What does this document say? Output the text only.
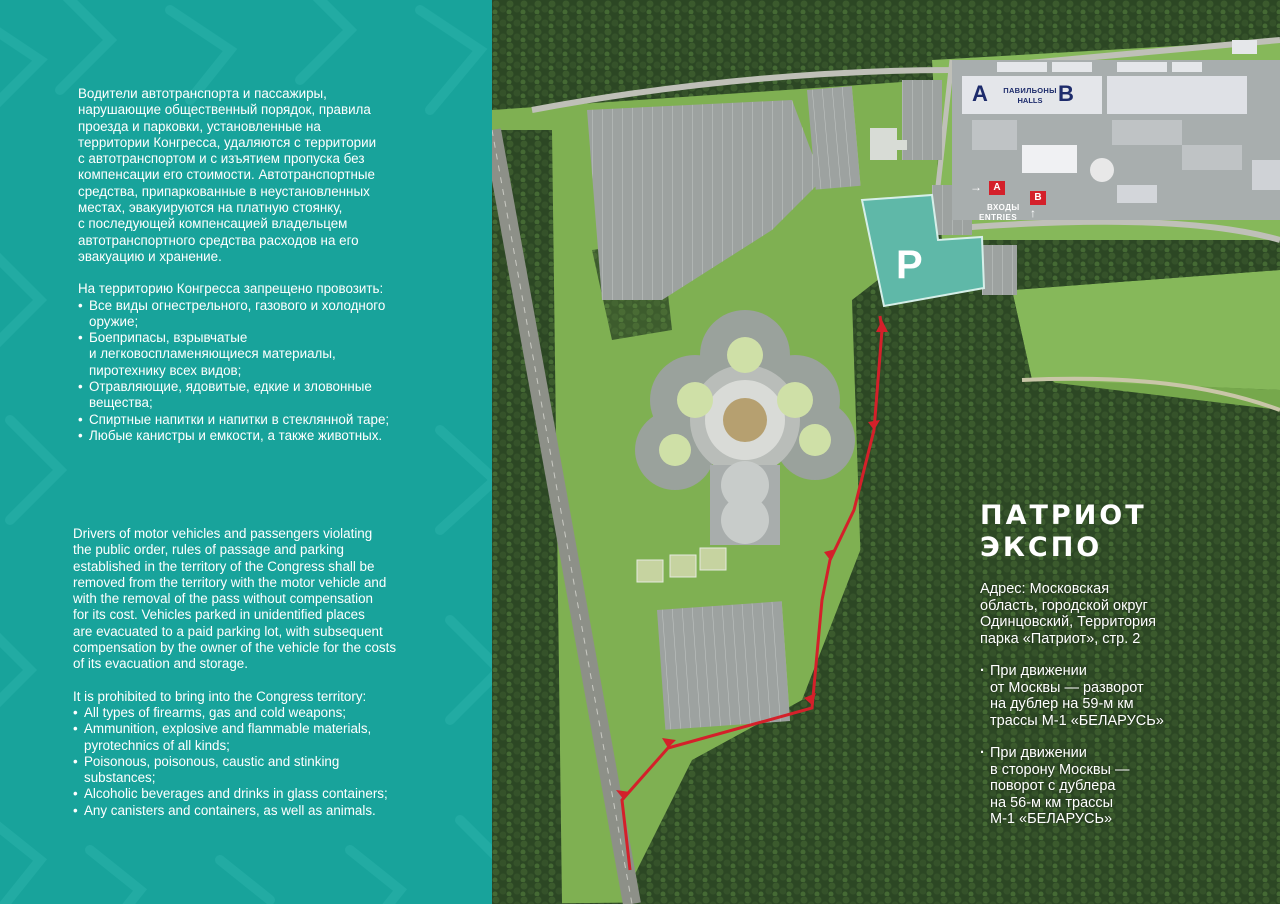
Водители автотранспорта и пассажиры,

нарушающие общественный порядок, правила

проезда и парковки, установленные на

территории Конгресса, удаляются с территории

с автотранспортом и с изъятием пропуска без

компенсации его стоимости. Автотранспортные

средства, припаркованные в неустановленных

местах, эвакуируются на платную стоянку,

с последующей компенсацией владельцем

автотранспортного средства расходов на его

эвакуацию и хранение.

На территорию Конгресса запрещено провозить:

• Все виды огнестрельного, газового и холодного
оружие;
• Боеприпасы, взрывчатые
и легковоспламеняющиеся материалы,
пиротехнику всех видов;
• Отравляющие, ядовитые, едкие и зловонные
вещества;
• Спиртные напитки и напитки в стеклянной таре;
• Любые канистры и емкости, а также животных.

Drivers of motor vehicles and passengers violating

the public order, rules of passage and parking

established in the territory of the Congress shall be

removed from the territory with the motor vehicle and

with the removal of the pass without compensation

for its cost. Vehicles parked in unidentified places

are evacuated to a paid parking lot, with subsequent

compensation by the owner of the vehicle for the costs

of its evacuation and storage.

It is prohibited to bring into the Congress territory:

• All types of firearms, gas and cold weapons;
• Ammunition, explosive and flammable materials,
pyrotechnics of all kinds;
• Poisonous, poisonous, caustic and stinking
substances;
• Alcoholic beverages and drinks in glass containers;
• Any canisters and containers, as well as animals.
A	B
ПАВИЛЬОНЫ
HALLS
→	A
B
↑
ВХОДЫ
ENTRIES
P
ПАТРИОТ
ЭКСПО
Адрес: Московская
область, городской округ
Одинцовский, Территория
парка «Патриот», стр. 2
· При движении
от Москвы — разворот
на дублер на 59-м км
трассы М-1 «БЕЛАРУСЬ»
· При движении
в сторону Москвы —
поворот с дублера
на 56-м км трассы
М-1 «БЕЛАРУСЬ»
